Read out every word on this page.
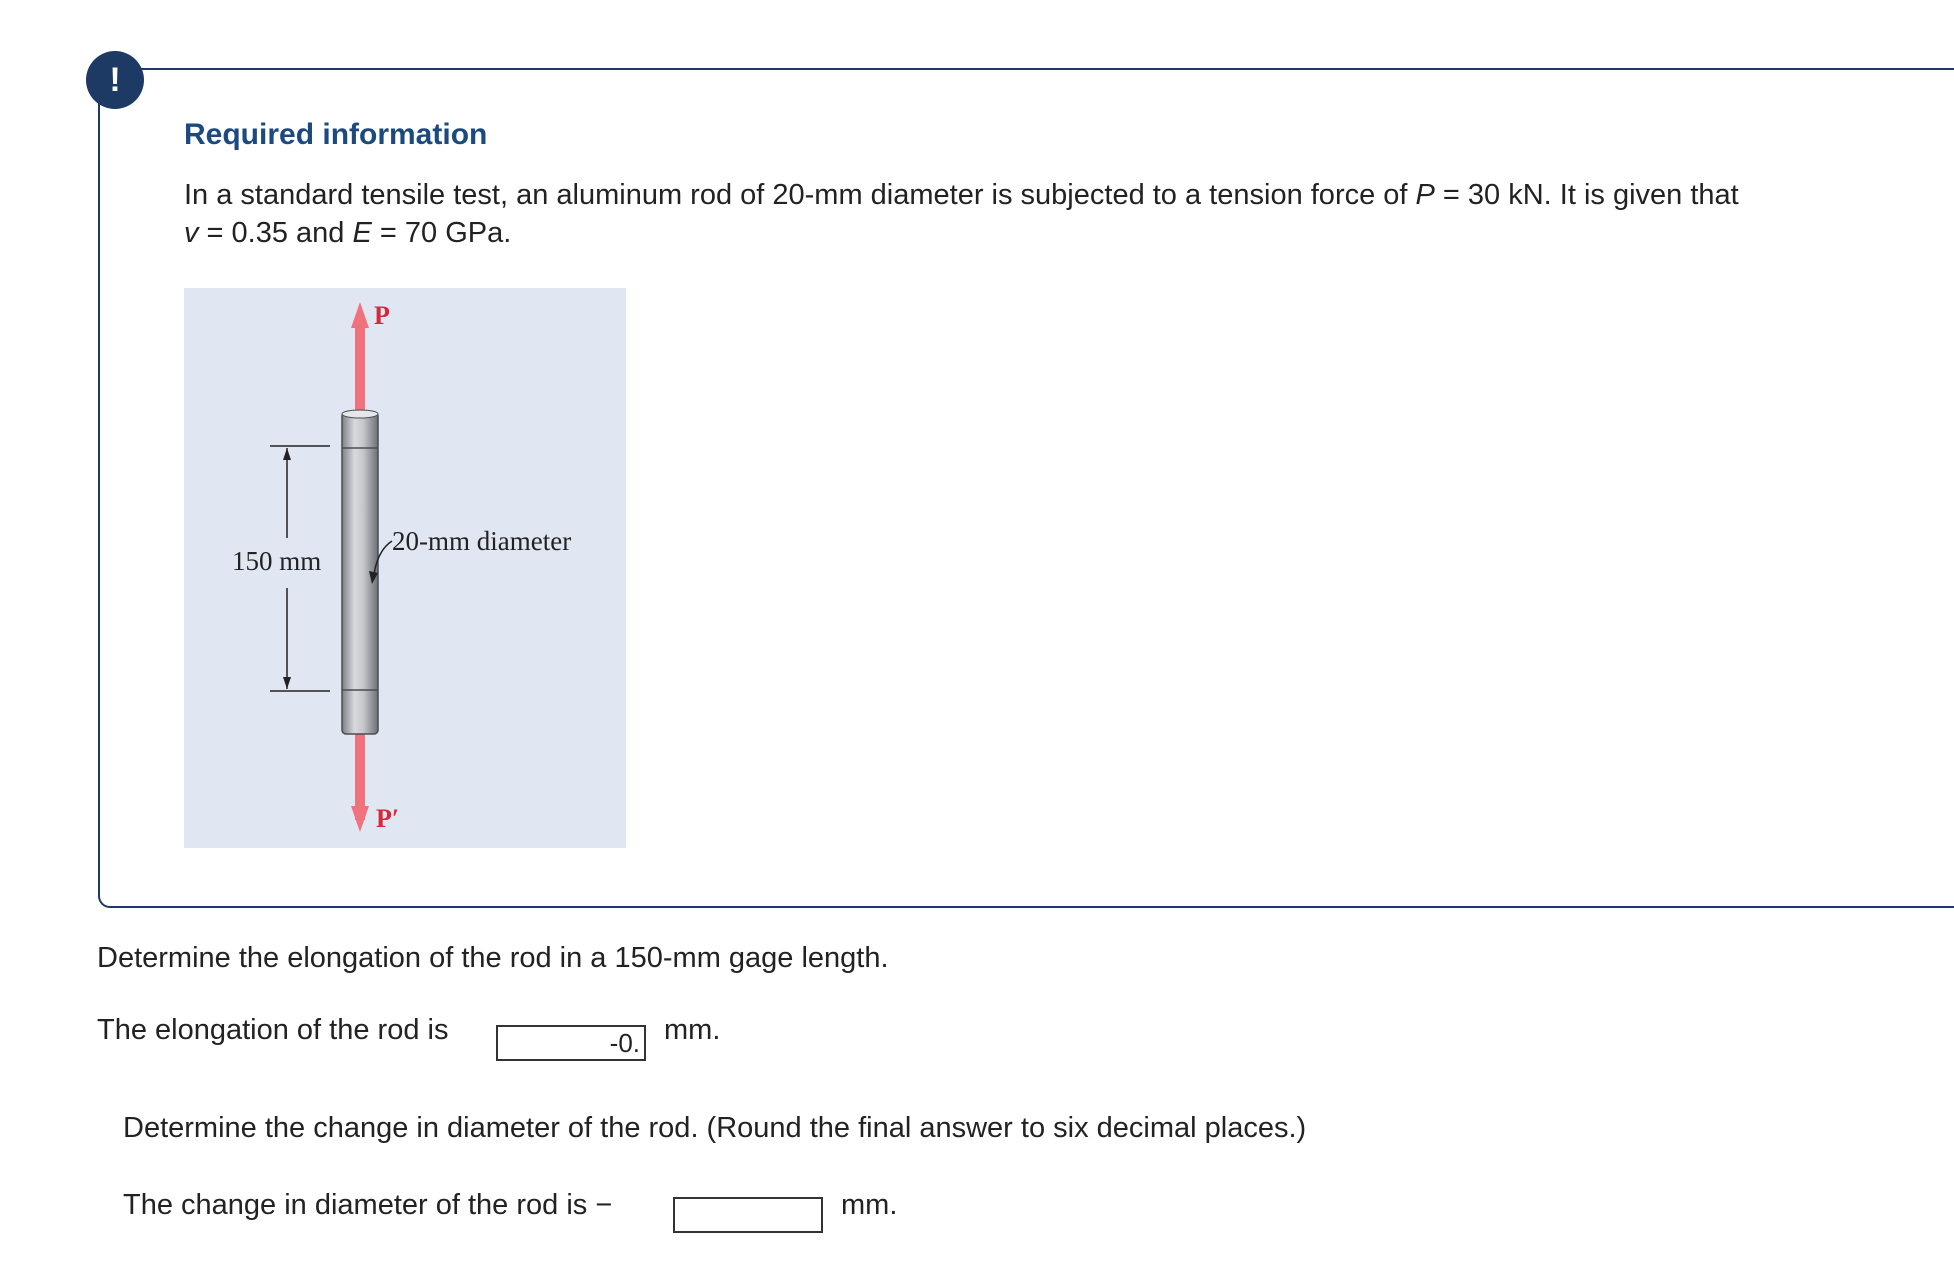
!
Required information

In a standard tensile test, an aluminum rod of 20-mm diameter is subjected to a tension force of P = 30 kN. It is given that
v = 0.35 and E = 70 GPa.

P
P′
20-mm diameter
150 mm

Determine the elongation of the rod in a 150-mm gage length.

The elongation of the rod is
-0.	mm.

Determine the change in diameter of the rod. (Round the final answer to six decimal places.)

The change in diameter of the rod is −	mm.
